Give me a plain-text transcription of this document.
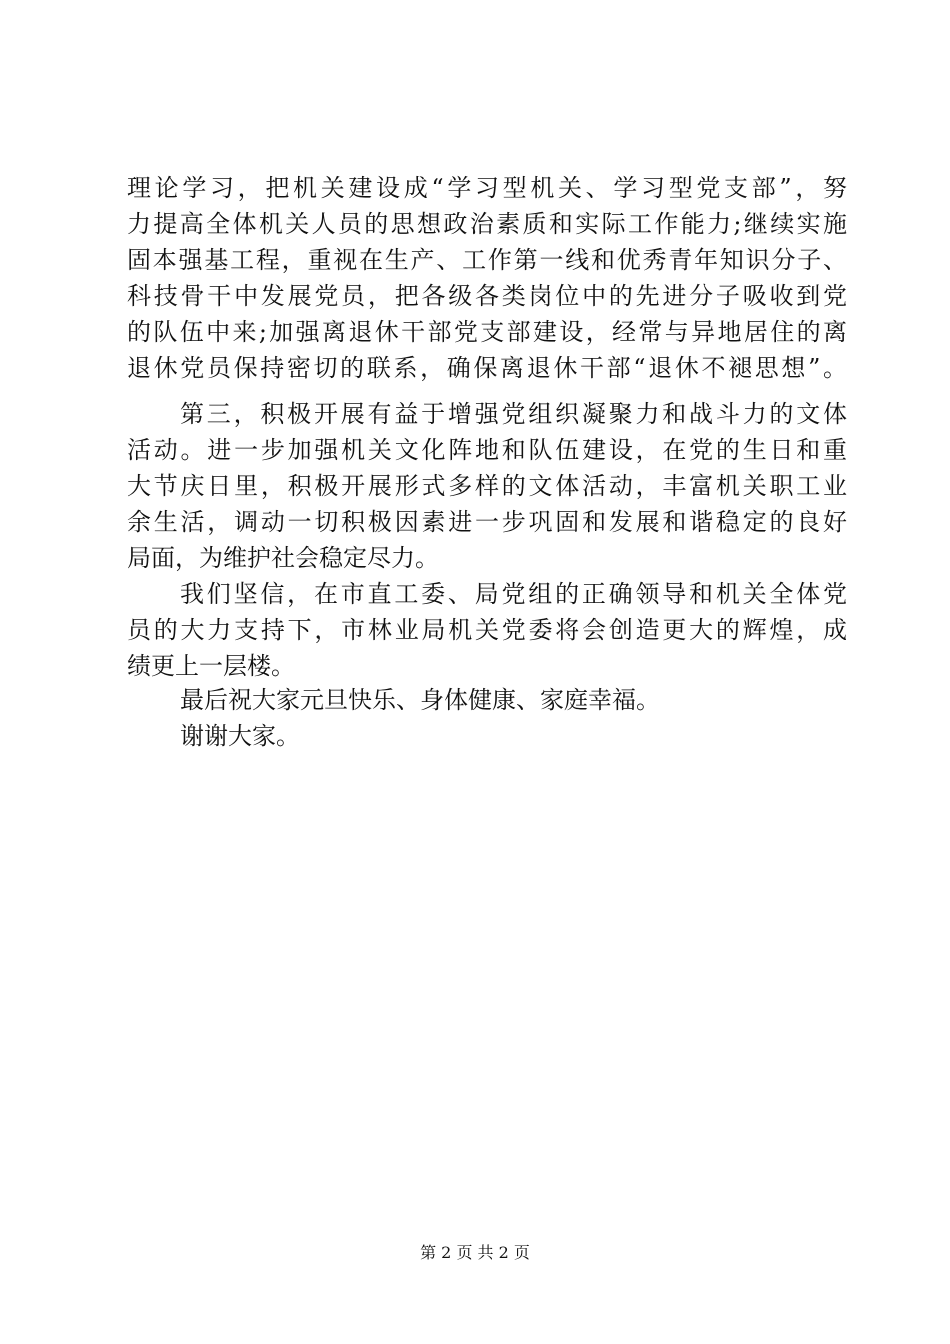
理论学习，把机关建设成“学习型机关、学习型党支部”，努
力提高全体机关人员的思想政治素质和实际工作能力;继续实施
固本强基工程，重视在生产、工作第一线和优秀青年知识分子、
科技骨干中发展党员，把各级各类岗位中的先进分子吸收到党
的队伍中来;加强离退休干部党支部建设，经常与异地居住的离
退休党员保持密切的联系，确保离退休干部“退休不褪思想”。
第三，积极开展有益于增强党组织凝聚力和战斗力的文体
活动。进一步加强机关文化阵地和队伍建设，在党的生日和重
大节庆日里，积极开展形式多样的文体活动，丰富机关职工业
余生活，调动一切积极因素进一步巩固和发展和谐稳定的良好
局面，为维护社会稳定尽力。
我们坚信，在市直工委、局党组的正确领导和机关全体党
员的大力支持下，市林业局机关党委将会创造更大的辉煌，成
绩更上一层楼。
最后祝大家元旦快乐、身体健康、家庭幸福。
谢谢大家。
第 2 页 共 2 页
